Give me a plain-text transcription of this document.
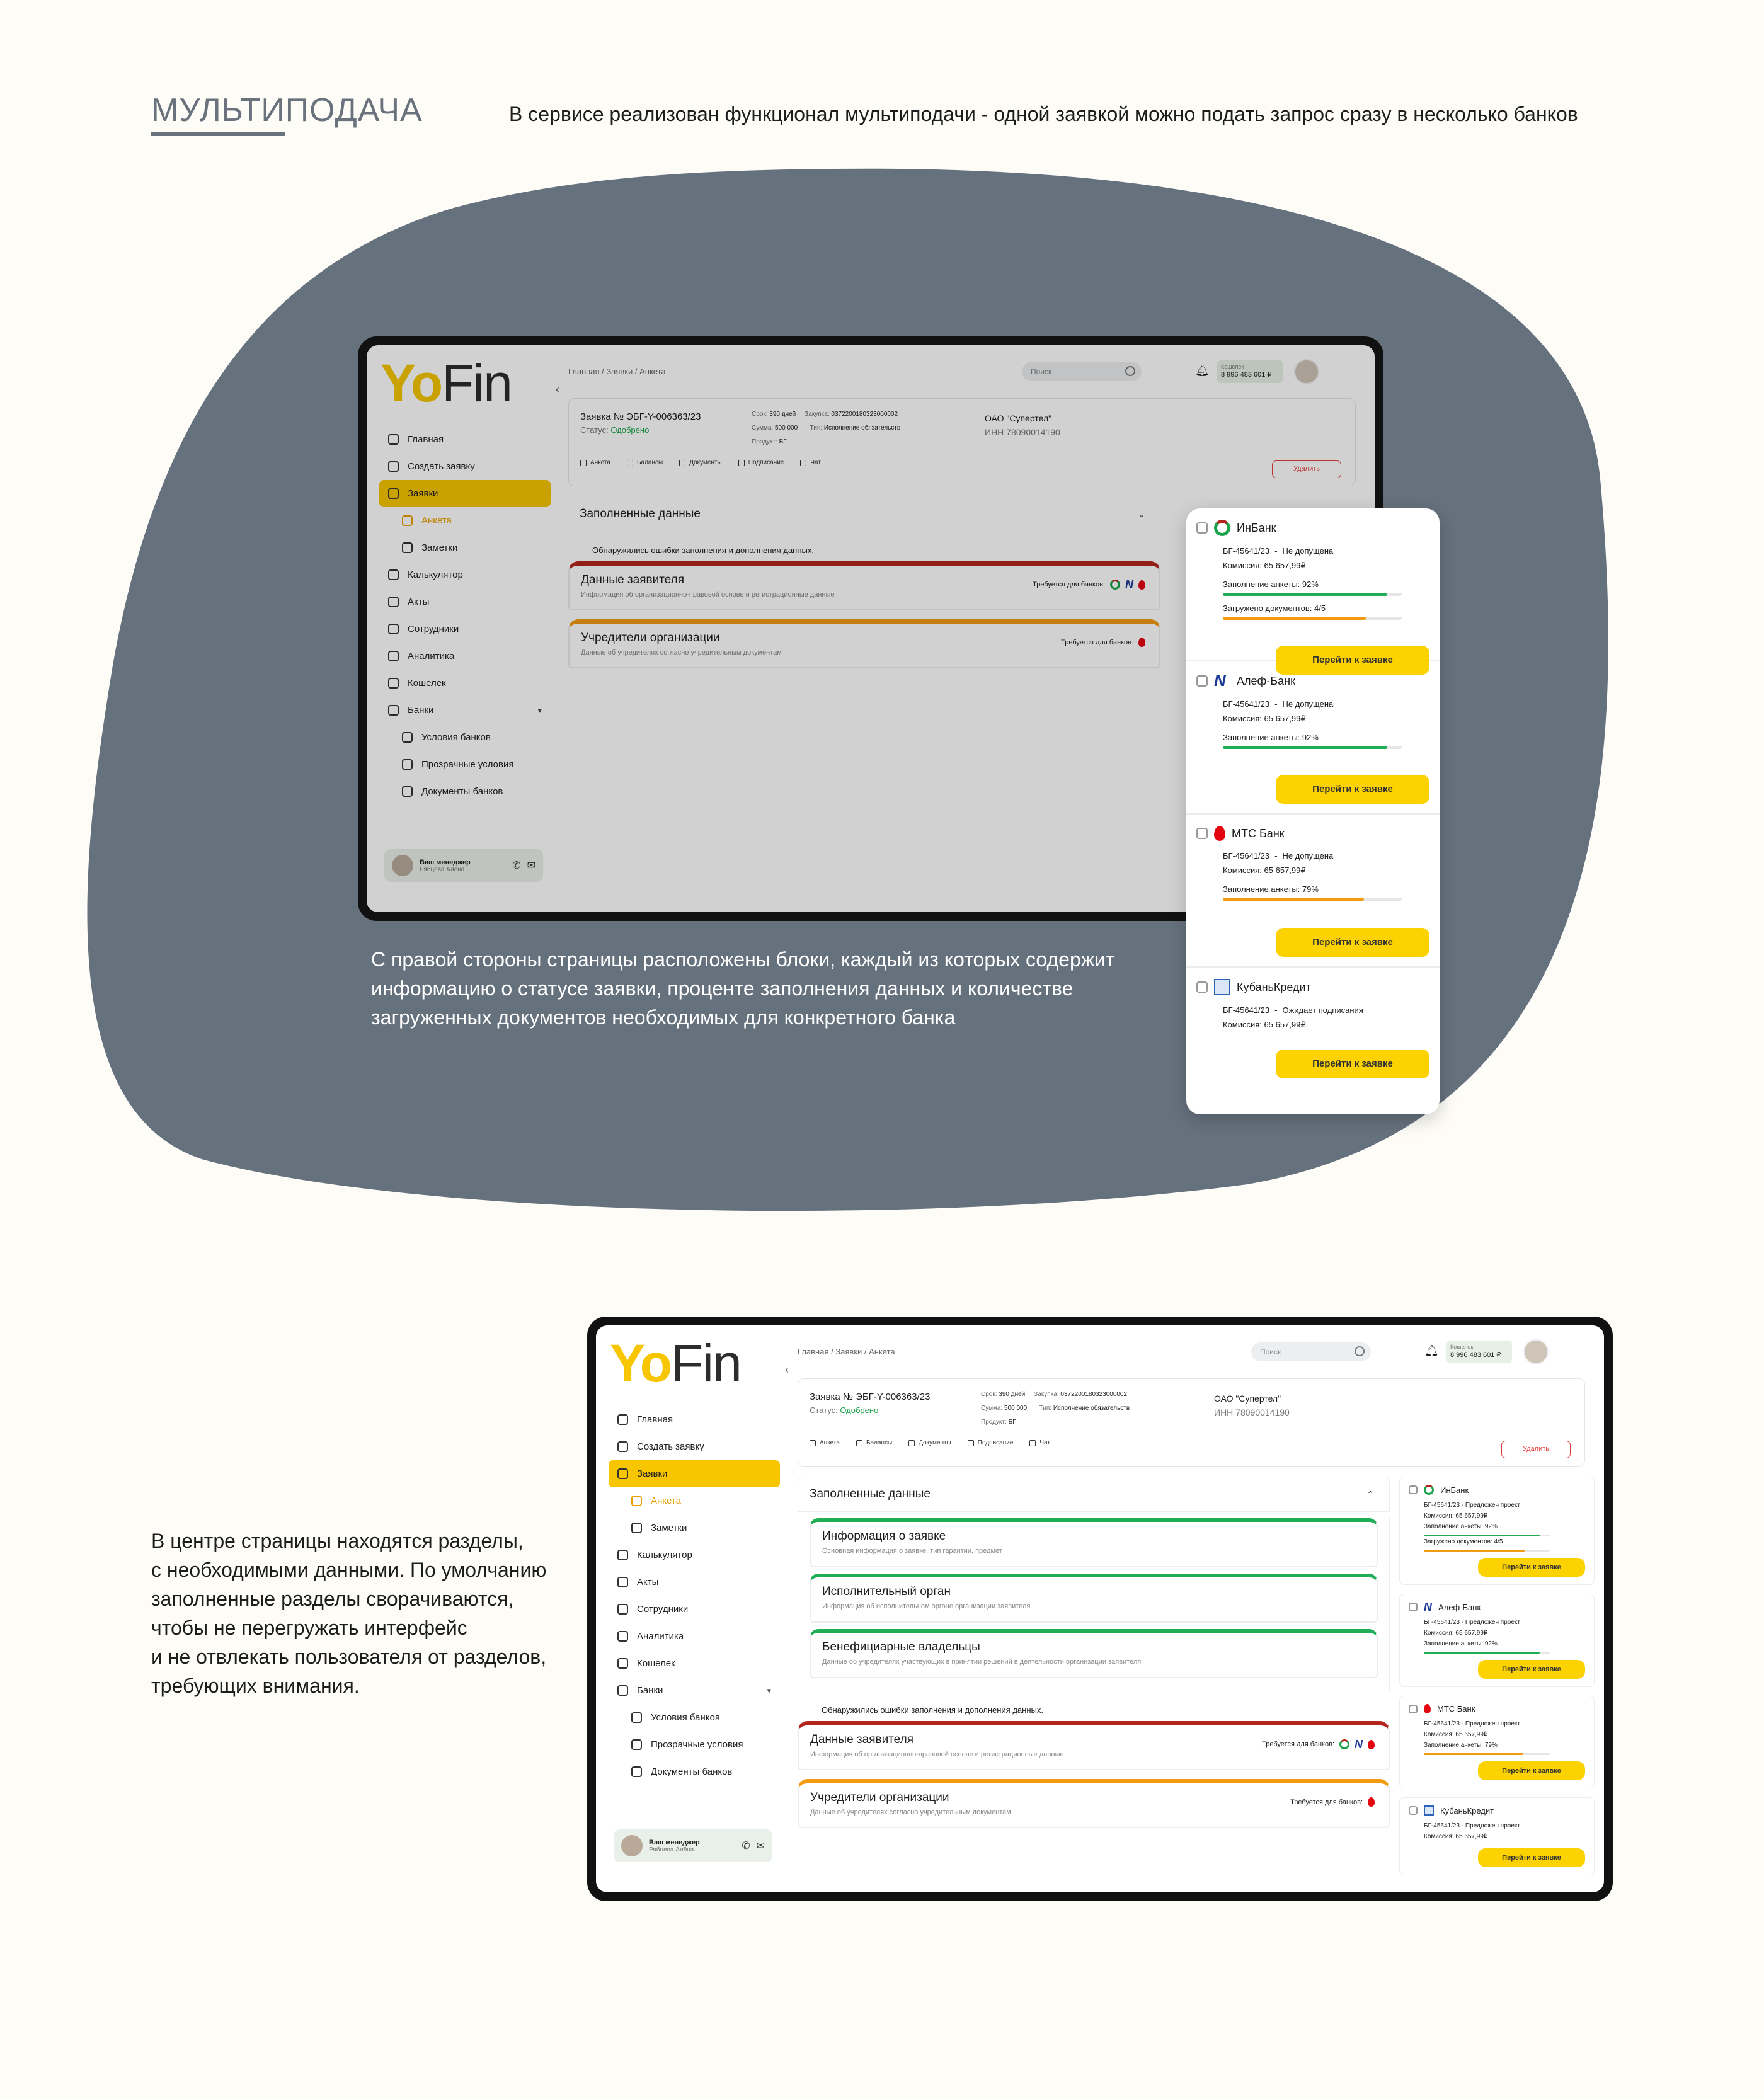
МУЛЬТИПОДАЧА	В сервисе реализован функционал мультиподачи - одной заявкой можно подать запрос сразу в несколько банков
YoFin	‹
Главная
Создать заявку
Заявки
Анкета
Заметки
Калькулятор
Акты
Сотрудники
Аналитика
Кошелек
Банки	▾
Условия банков
Прозрачные условия
Документы банков
Ваш менеджер
Рябцева Алёна	✆ ✉
Главная / Заявки / Анкета	Поиск	🔔︎	Кошелек
8 996 483 601 ₽
Заявка № ЭБГ-Y-006363/23
Статус: Одобрено
Срок: 390 дней Закупка: 0372200180323000002
Сумма: 500 000 Тип: Исполнение обязательств
Продукт: БГ
ОАО "Супертел"
ИНН 78090014190
Анкета	Балансы	Документы	Подписание	Чат
Удалить
Заполненные данные	⌄
Обнаружились ошибки заполнения и дополнения данных.
Данные заявителя
Информация об организационно-правовой основе и регистрационные данные
Требуется для банков: N
Учредители организации
Данные об учредителях согласно учредительным документам
Требуется для банков:
ИнБанк
БГ-45641/23 - Не допущена
Комиссия: 65 657,99₽
Заполнение анкеты: 92%
Загружено документов: 4/5
Перейти к заявке
N Алеф-Банк
БГ-45641/23 - Не допущена
Комиссия: 65 657,99₽
Заполнение анкеты: 92%
Перейти к заявке
МТС Банк
БГ-45641/23 - Не допущена
Комиссия: 65 657,99₽
Заполнение анкеты: 79%
Перейти к заявке
КубаньКредит
БГ-45641/23 - Ожидает подписания
Комиссия: 65 657,99₽
Перейти к заявке
С правой стороны страницы расположены блоки, каждый из которых содержит информацию о статусе заявки, проценте заполнения данных и количестве загруженных документов необходимых для конкретного банка
В центре страницы находятся разделы,
с необходимыми данными. По умолчанию
заполненные разделы сворачиваются,
чтобы не перегружать интерфейс
и не отвлекать пользователя от разделов,
требующих внимания.
YoFin	‹
Главная
Создать заявку
Заявки
Анкета
Заметки
Калькулятор
Акты
Сотрудники
Аналитика
Кошелек
Банки	▾
Условия банков
Прозрачные условия
Документы банков
Ваш менеджер
Рябцева Алёна	✆ ✉
Главная / Заявки / Анкета	Поиск	🔔︎	Кошелек
8 996 483 601 ₽
Заявка № ЭБГ-Y-006363/23
Статус: Одобрено
Срок: 390 дней Закупка: 0372200180323000002
Сумма: 500 000 Тип: Исполнение обязательств
Продукт: БГ
ОАО "Супертел"
ИНН 78090014190
Анкета	Балансы	Документы	Подписание	Чат
Удалить
Заполненные данные	⌃
Информация о заявке
Основная информация о заявке, тип гарантии, предмет
Исполнительный орган
Информация об исполнительном органе организации заявителя
Бенефициарные владельцы
Данные об учредителях участвующих в принятии решений в деятельности организации заявителя
Обнаружились ошибки заполнения и дополнения данных.
Данные заявителя
Информация об организационно-правовой основе и регистрационные данные
Требуется для банков: N
Учредители организации
Данные об учредителях согласно учредительным документам
Требуется для банков:
ИнБанк
БГ-45641/23 - Предложен проект
Комиссия: 65 657,99₽
Заполнение анкеты: 92%
Загружено документов: 4/5
Перейти к заявке
N Алеф-Банк
БГ-45641/23 - Предложен проект
Комиссия: 65 657,99₽
Заполнение анкеты: 92%
Перейти к заявке
МТС Банк
БГ-45641/23 - Предложен проект
Комиссия: 65 657,99₽
Заполнение анкеты: 79%
Перейти к заявке
КубаньКредит
БГ-45641/23 - Предложен проект
Комиссия: 65 657,99₽
Перейти к заявке
